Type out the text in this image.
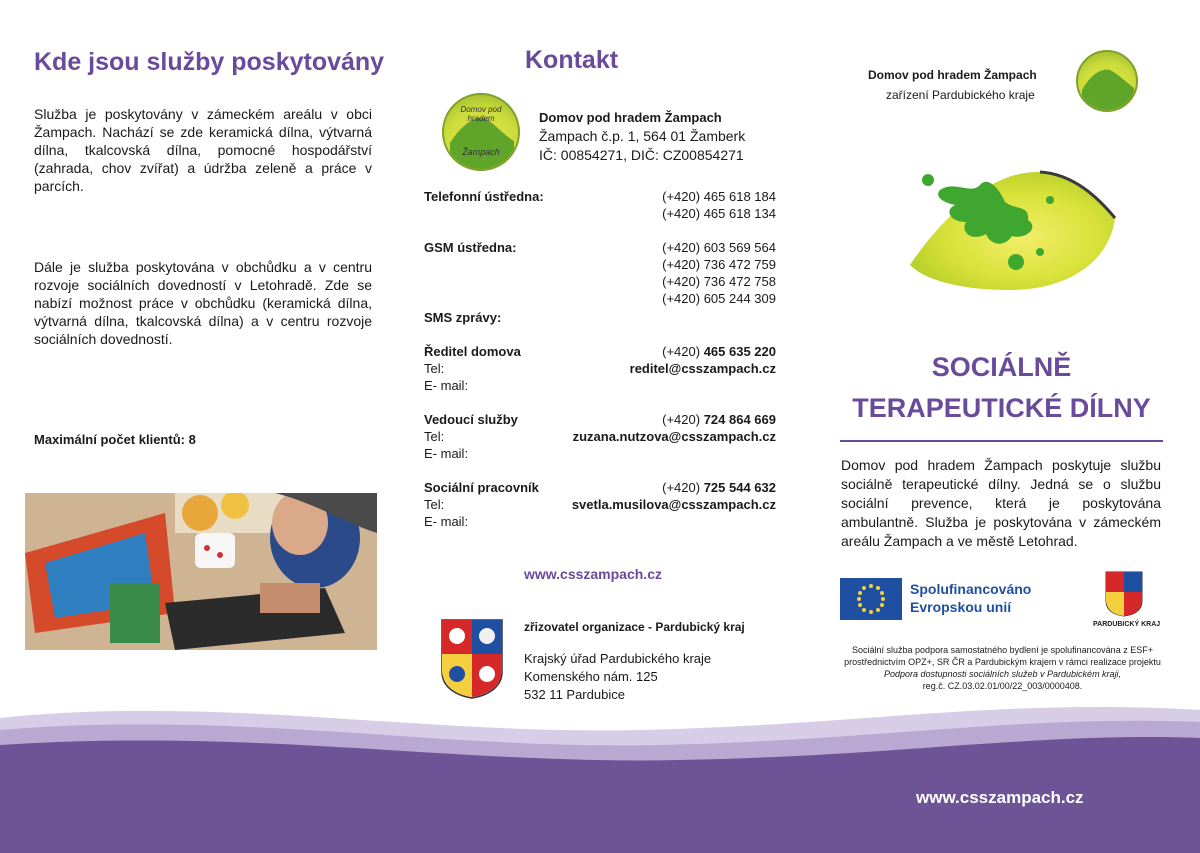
Kde jsou služby poskytovány
Služba je poskytovány v zámeckém areálu v obci Žampach. Nachází se zde keramická dílna, výtvarná dílna, tkalcovská dílna, pomocné hospodářství (zahrada, chov zvířat) a údržba zeleně a práce v parcích.
Dále je služba poskytována v obchůdku a v centru rozvoje sociálních dovedností v Letohradě. Zde se nabízí možnost práce v obchůdku (keramická dílna, výtvarná dílna, tkalcovská dílna) a v centru rozvoje sociálních dovedností.
Maximální počet klientů: 8
Kontakt
Domov pod hradem
Žampach
Domov pod hradem Žampach
Žampach č.p. 1, 564 01 Žamberk
IČ: 00854271, DIČ: CZ00854271
Telefonní ústředna:	(+420) 465 618 184
(+420) 465 618 134
GSM ústředna:	(+420) 603 569 564
(+420) 736 472 759
(+420) 736 472 758
(+420) 605 244 309
SMS zprávy:
Ředitel domova	(+420) 465 635 220
Tel:	reditel@csszampach.cz
E- mail:
Vedoucí služby	(+420) 724 864 669
Tel:	zuzana.nutzova@csszampach.cz
E- mail:
Sociální pracovník	(+420) 725 544 632
Tel:	svetla.musilova@csszampach.cz
E- mail:
www.csszampach.cz
zřizovatel organizace - Pardubický kraj
Krajský úřad Pardubického kraje
Komenského nám. 125
532 11 Pardubice
Domov pod hradem Žampach
zařízení Pardubického kraje
SOCIÁLNĚ
TERAPEUTICKÉ DÍLNY
Domov pod hradem Žampach poskytuje službu sociálně terapeutické dílny. Jedná se o službu sociální prevence, která je poskytována ambulantně. Služba je poskytována v zámeckém areálu Žampach a ve městě Letohrad.
Spolufinancováno
Evropskou unií
PARDUBICKÝ KRAJ
Sociální služba podpora samostatného bydlení je spolufinancována z ESF+
prostřednictvím OPZ+, SR ČR a Pardubickým krajem v rámci realizace projektu
Podpora dostupnosti sociálních služeb v Pardubickém kraji,
reg.č. CZ.03.02.01/00/22_003/0000408.
www.csszampach.cz
